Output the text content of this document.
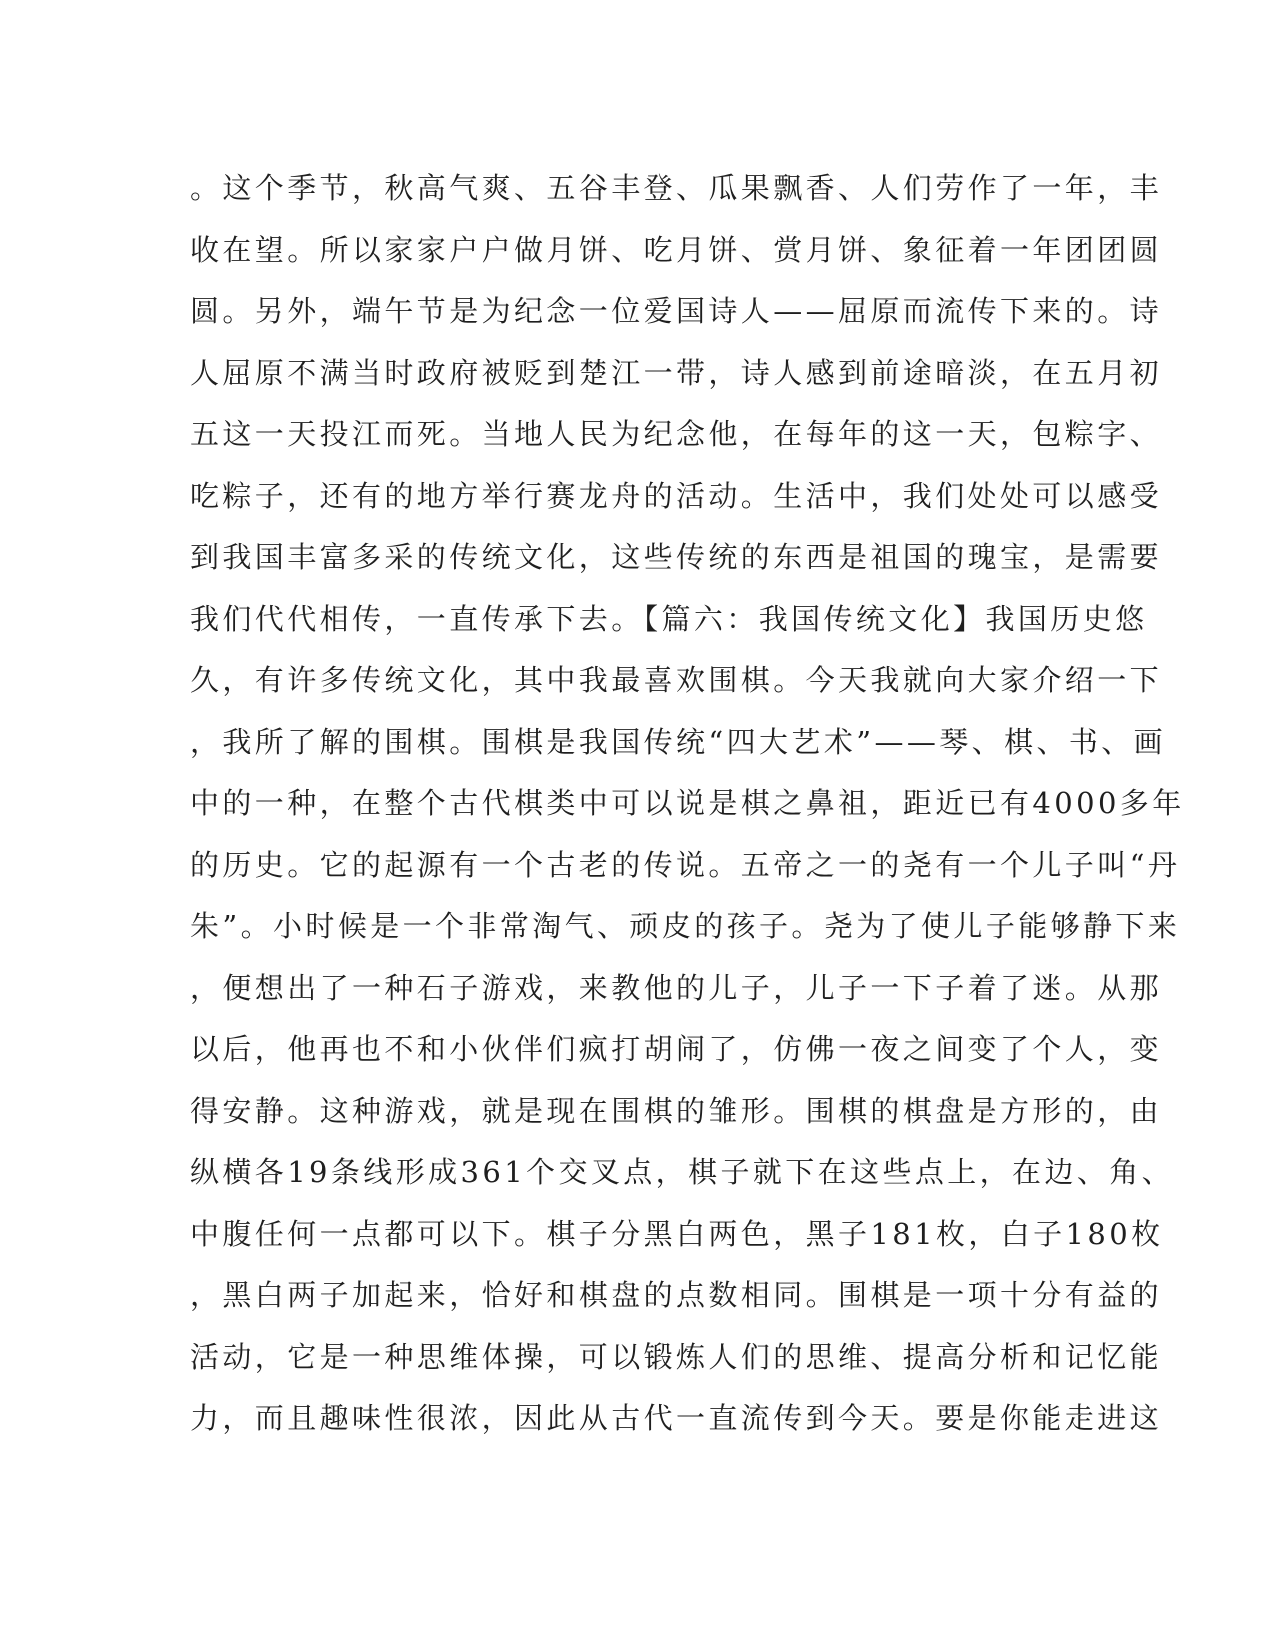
。这个季节，秋高气爽、五谷丰登、瓜果飘香、人们劳作了一年，丰
收在望。所以家家户户做月饼、吃月饼、赏月饼、象征着一年团团圆
圆。另外，端午节是为纪念一位爱国诗人——屈原而流传下来的。诗
人屈原不满当时政府被贬到楚江一带，诗人感到前途暗淡，在五月初
五这一天投江而死。当地人民为纪念他，在每年的这一天，包粽字、
吃粽子，还有的地方举行赛龙舟的活动。生活中，我们处处可以感受
到我国丰富多采的传统文化，这些传统的东西是祖国的瑰宝，是需要
我们代代相传，一直传承下去。【篇六：我国传统文化】我国历史悠
久，有许多传统文化，其中我最喜欢围棋。今天我就向大家介绍一下
，我所了解的围棋。围棋是我国传统“四大艺术”——琴、棋、书、画
中的一种，在整个古代棋类中可以说是棋之鼻祖，距近已有4000多年
的历史。它的起源有一个古老的传说。五帝之一的尧有一个儿子叫“丹
朱”。小时候是一个非常淘气、顽皮的孩子。尧为了使儿子能够静下来
，便想出了一种石子游戏，来教他的儿子，儿子一下子着了迷。从那
以后，他再也不和小伙伴们疯打胡闹了，仿佛一夜之间变了个人，变
得安静。这种游戏，就是现在围棋的雏形。围棋的棋盘是方形的，由
纵横各19条线形成361个交叉点，棋子就下在这些点上，在边、角、
中腹任何一点都可以下。棋子分黑白两色，黑子181枚，白子180枚
，黑白两子加起来，恰好和棋盘的点数相同。围棋是一项十分有益的
活动，它是一种思维体操，可以锻炼人们的思维、提高分析和记忆能
力，而且趣味性很浓，因此从古代一直流传到今天。要是你能走进这
